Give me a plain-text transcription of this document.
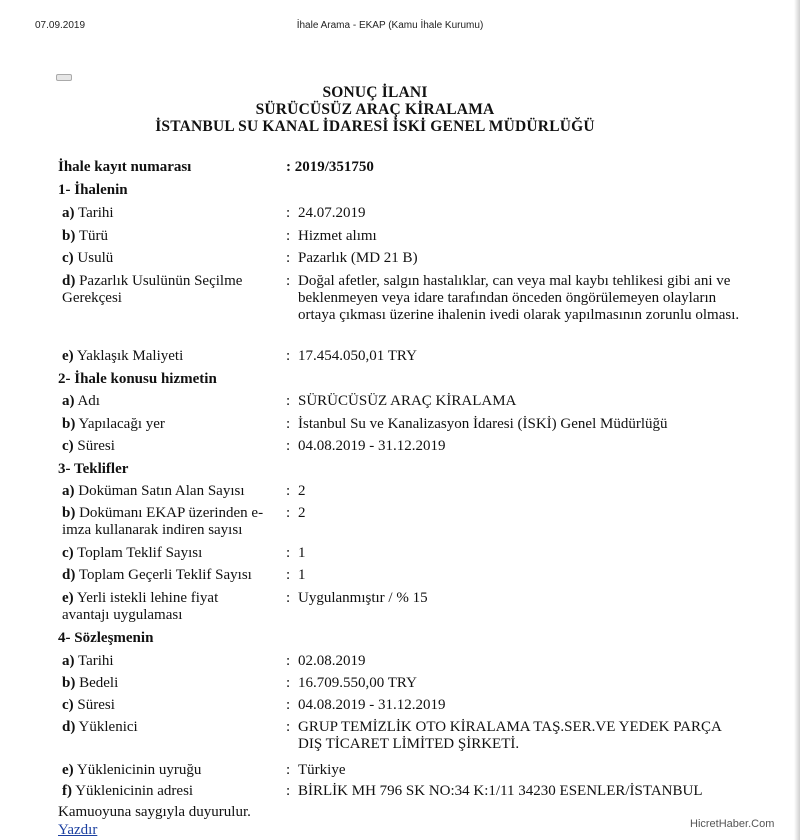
07.09.2019	İhale Arama - EKAP (Kamu İhale Kurumu)
SONUÇ İLANI
SÜRÜCÜSÜZ ARAÇ KİRALAMA
İSTANBUL SU KANAL İDARESİ İSKİ GENEL MÜDÜRLÜĞÜ
İhale kayıt numarası	: 2019/351750
1- İhalenin
a) Tarihi	: 24.07.2019
b) Türü	: Hizmet alımı
c) Usulü	: Pazarlık (MD 21 B)
d) Pazarlık Usulünün Seçilme Gerekçesi
: Doğal afetler, salgın hastalıklar, can veya mal kaybı tehlikesi gibi ani ve beklenmeyen veya idare tarafından önceden öngörülemeyen olayların ortaya çıkması üzerine ihalenin ivedi olarak yapılmasının zorunlu olması.
e) Yaklaşık Maliyeti	: 17.454.050,01 TRY
2- İhale konusu hizmetin
a) Adı	: SÜRÜCÜSÜZ ARAÇ KİRALAMA
b) Yapılacağı yer	: İstanbul Su ve Kanalizasyon İdaresi (İSKİ) Genel Müdürlüğü
c) Süresi	: 04.08.2019 - 31.12.2019
3- Teklifler
a) Doküman Satın Alan Sayısı	: 2
b) Dokümanı EKAP üzerinden e-imza kullanarak indiren sayısı
: 2
c) Toplam Teklif Sayısı	: 1
d) Toplam Geçerli Teklif Sayısı	: 1
e) Yerli istekli lehine fiyat avantajı uygulaması
: Uygulanmıştır / % 15
4- Sözleşmenin
a) Tarihi	: 02.08.2019
b) Bedeli	: 16.709.550,00 TRY
c) Süresi	: 04.08.2019 - 31.12.2019
d) Yüklenici	: GRUP TEMİZLİK OTO KİRALAMA TAŞ.SER.VE YEDEK PARÇA DIŞ TİCARET LİMİTED ŞİRKETİ.
e) Yüklenicinin uyruğu	: Türkiye
f) Yüklenicinin adresi	: BİRLİK MH 796 SK NO:34 K:1/11 34230 ESENLER/İSTANBUL
Kamuoyuna saygıyla duyurulur.
Yazdır	HicretHaber.Com
